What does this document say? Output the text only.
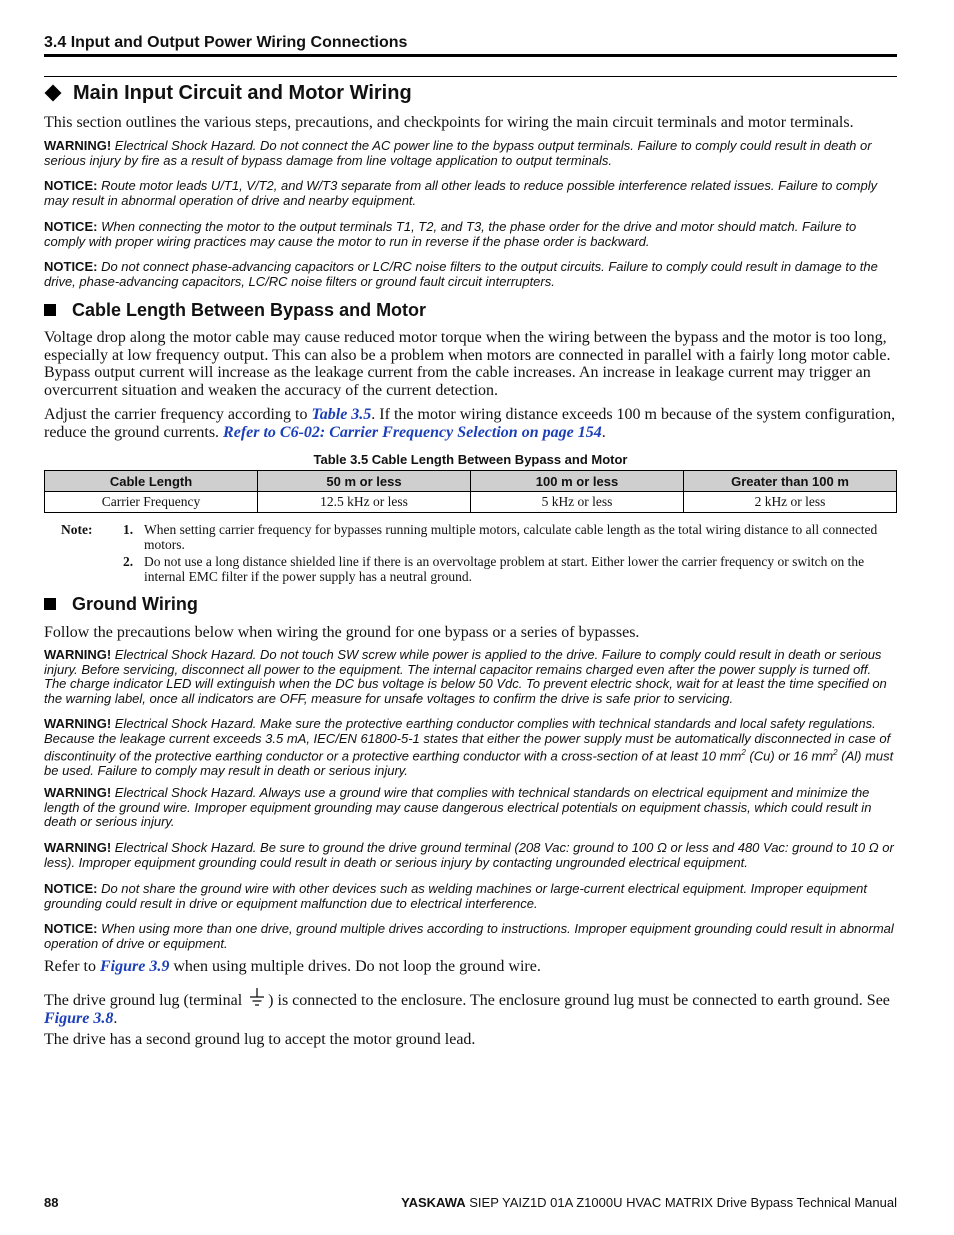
3.4 Input and Output Power Wiring Connections
Main Input Circuit and Motor Wiring

This section outlines the various steps, precautions, and checkpoints for wiring the main circuit terminals and motor terminals.

WARNING! Electrical Shock Hazard. Do not connect the AC power line to the bypass output terminals. Failure to comply could result in death or serious injury by fire as a result of bypass damage from line voltage application to output terminals.

NOTICE: Route motor leads U/T1, V/T2, and W/T3 separate from all other leads to reduce possible interference related issues. Failure to comply may result in abnormal operation of drive and nearby equipment.

NOTICE: When connecting the motor to the output terminals T1, T2, and T3, the phase order for the drive and motor should match. Failure to comply with proper wiring practices may cause the motor to run in reverse if the phase order is backward.

NOTICE: Do not connect phase-advancing capacitors or LC/RC noise filters to the output circuits. Failure to comply could result in damage to the drive, phase-advancing capacitors, LC/RC noise filters or ground fault circuit interrupters.

Cable Length Between Bypass and Motor

Voltage drop along the motor cable may cause reduced motor torque when the wiring between the bypass and the motor is too long, especially at low frequency output. This can also be a problem when motors are connected in parallel with a fairly long motor cable. Bypass output current will increase as the leakage current from the cable increases. An increase in leakage current may trigger an overcurrent situation and weaken the accuracy of the current detection.

Adjust the carrier frequency according to Table 3.5. If the motor wiring distance exceeds 100 m because of the system configuration, reduce the ground currents. Refer to C6-02: Carrier Frequency Selection on page 154.

Table 3.5 Cable Length Between Bypass and Motor
Cable Length	50 m or less	100 m or less	Greater than 100 m
Carrier Frequency	12.5 kHz or less	5 kHz or less	2 kHz or less
Note: 1. When setting carrier frequency for bypasses running multiple motors, calculate cable length as the total wiring distance to all connected motors.
2. Do not use a long distance shielded line if there is an overvoltage problem at start. Either lower the carrier frequency or switch on the internal EMC filter if the power supply has a neutral ground.
Ground Wiring

Follow the precautions below when wiring the ground for one bypass or a series of bypasses.

WARNING! Electrical Shock Hazard. Do not touch SW screw while power is applied to the drive. Failure to comply could result in death or serious injury. Before servicing, disconnect all power to the equipment. The internal capacitor remains charged even after the power supply is turned off. The charge indicator LED will extinguish when the DC bus voltage is below 50 Vdc. To prevent electric shock, wait for at least the time specified on the warning label, once all indicators are OFF, measure for unsafe voltages to confirm the drive is safe prior to servicing.

WARNING! Electrical Shock Hazard. Make sure the protective earthing conductor complies with technical standards and local safety regulations. Because the leakage current exceeds 3.5 mA, IEC/EN 61800-5-1 states that either the power supply must be automatically disconnected in case of discontinuity of the protective earthing conductor or a protective earthing conductor with a cross-section of at least 10 $mm^2$ (Cu) or 16 $mm^2$ (Al) must be used. Failure to comply may result in death or serious injury.

WARNING! Electrical Shock Hazard. Always use a ground wire that complies with technical standards on electrical equipment and minimize the length of the ground wire. Improper equipment grounding may cause dangerous electrical potentials on equipment chassis, which could result in death or serious injury.

WARNING! Electrical Shock Hazard. Be sure to ground the drive ground terminal (208 Vac: ground to 100 Ω or less and 480 Vac: ground to 10 Ω or less). Improper equipment grounding could result in death or serious injury by contacting ungrounded electrical equipment.

NOTICE: Do not share the ground wire with other devices such as welding machines or large-current electrical equipment. Improper equipment grounding could result in drive or equipment malfunction due to electrical interference.

NOTICE: When using more than one drive, ground multiple drives according to instructions. Improper equipment grounding could result in abnormal operation of drive or equipment.

Refer to Figure 3.9 when using multiple drives. Do not loop the ground wire.

The drive ground lug (terminal ) is connected to the enclosure. The enclosure ground lug must be connected to earth ground. See Figure 3.8.

The drive has a second ground lug to accept the motor ground lead.

88	YASKAWA SIEP YAIZ1D 01A Z1000U HVAC MATRIX Drive Bypass Technical Manual
